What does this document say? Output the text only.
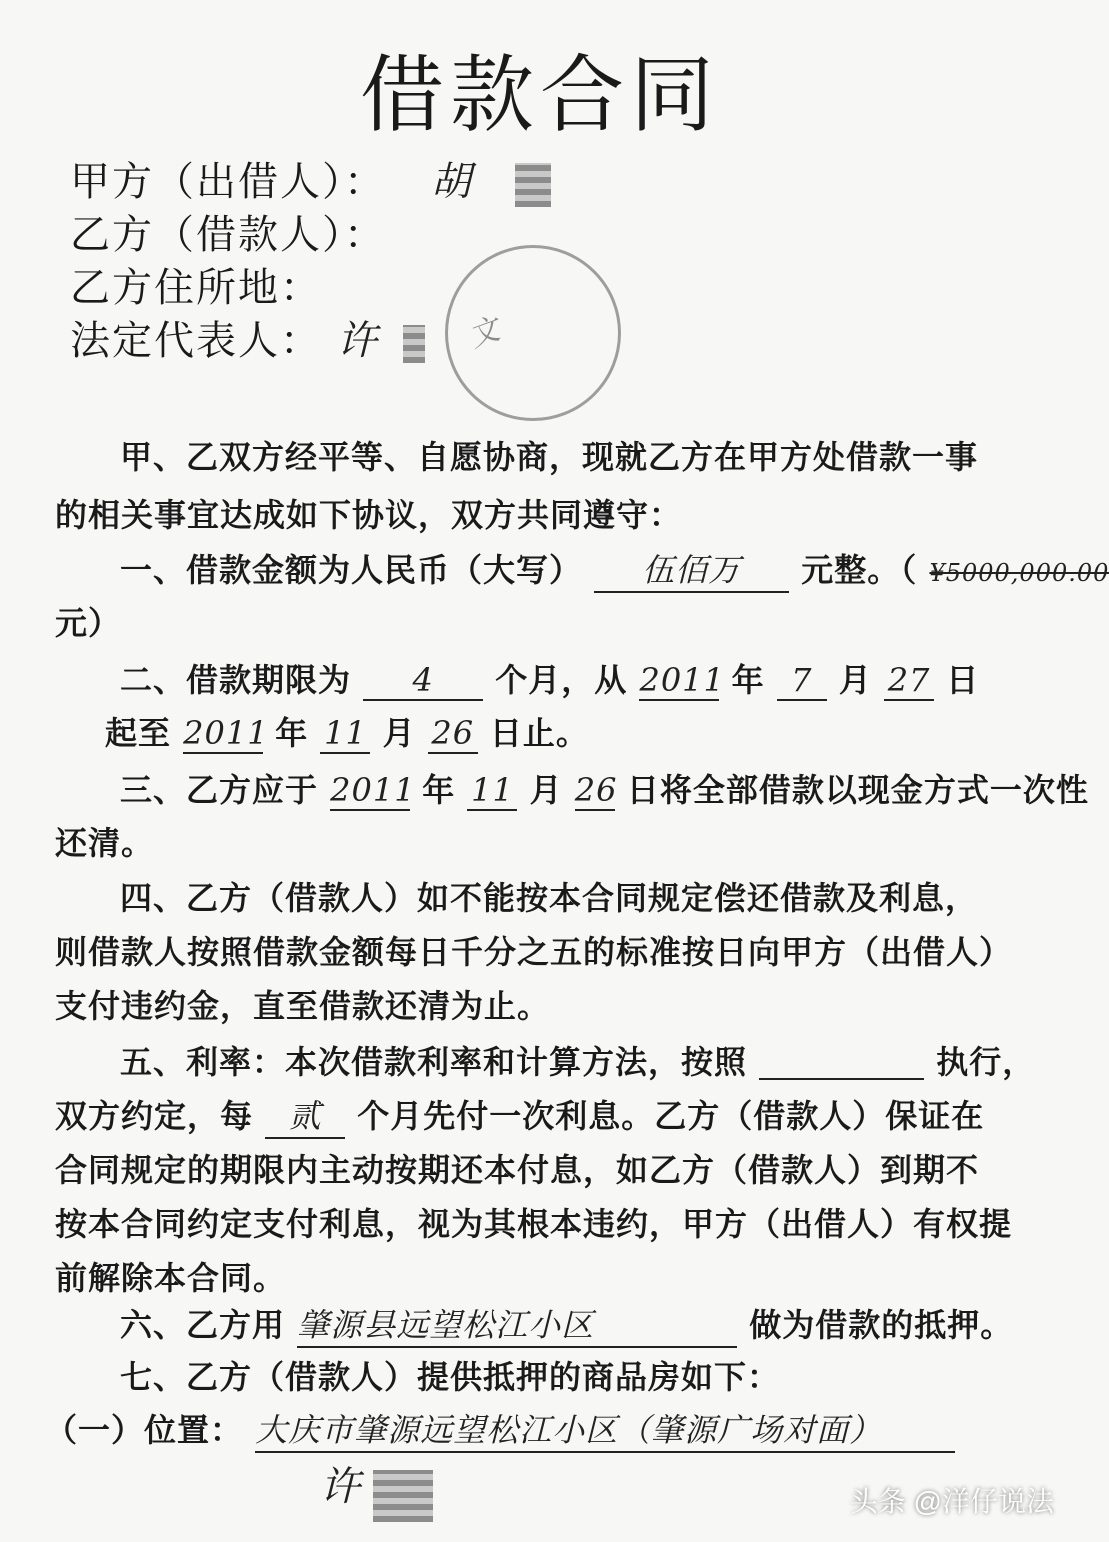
借款合同
甲方（出借人）： 胡
乙方（借款人）：
乙方住所地：
法定代表人： 许	文
甲、乙双方经平等、自愿协商，现就乙方在甲方处借款一事
的相关事宜达成如下协议，双方共同遵守：
一、借款金额为人民币（大写） 伍佰万 元整。（ ¥5000,000.00
元）
二、借款期限为 4 个月，从 2011 年 7 月 27 日
起至 2011 年 11 月 26 日止。
三、乙方应于 2011 年 11 月 26 日将全部借款以现金方式一次性
还清。
四、乙方（借款人）如不能按本合同规定偿还借款及利息，
则借款人按照借款金额每日千分之五的标准按日向甲方（出借人）
支付违约金，直至借款还清为止。
五、利率：本次借款利率和计算方法，按照	执行，
双方约定，每 贰 个月先付一次利息。乙方（借款人）保证在
合同规定的期限内主动按期还本付息，如乙方（借款人）到期不
按本合同约定支付利息，视为其根本违约，甲方（出借人）有权提
前解除本合同。
六、乙方用 肇源县远望松江小区	做为借款的抵押。
七、乙方（借款人）提供抵押的商品房如下：
（一）位置： 大庆市肇源远望松江小区（肇源广场对面）
许	头条 @洋仔说法
